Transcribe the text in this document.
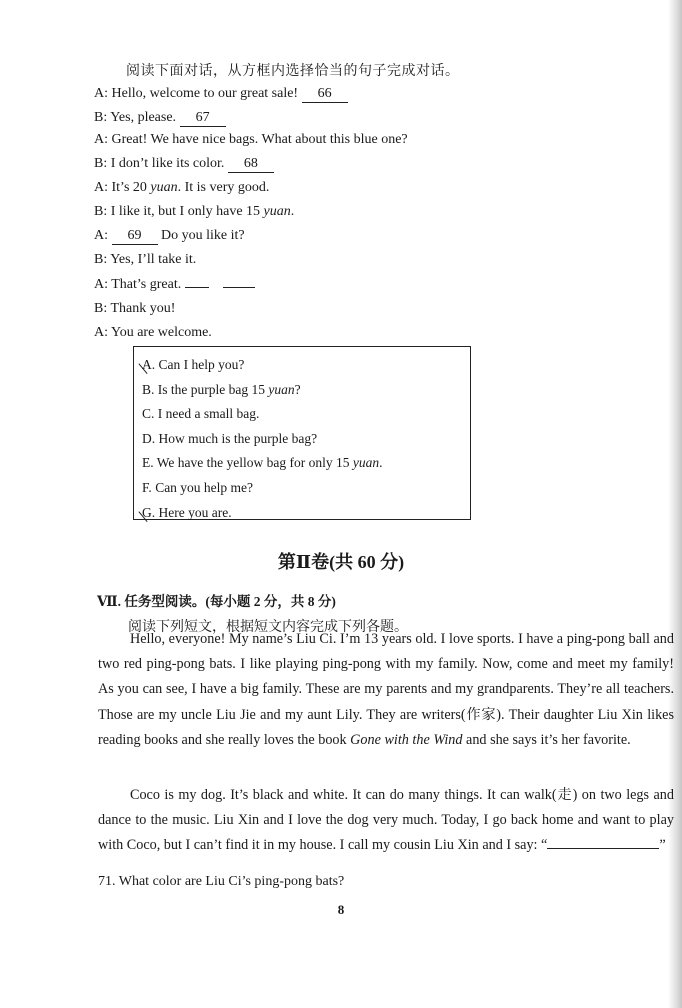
阅读下面对话，从方框内选择恰当的句子完成对话。
A: Hello, welcome to our great sale! 66
B: Yes, please. 67
A: Great! We have nice bags. What about this blue one?
B: I don’t like its color. 68
A: It’s 20 yuan. It is very good.
B: I like it, but I only have 15 yuan.
A: 69 Do you like it?
B: Yes, I’ll take it.
A: That’s great.
B: Thank you!
A: You are welcome.
A.
Can I help you?
B. Is the purple bag 15 yuan?
C. I need a small bag.
D. How much is the purple bag?
E. We have the yellow bag for only 15 yuan.
F. Can you help me?
G.
Here you are.
第Ⅱ卷(共 60 分)
Ⅶ. 任务型阅读。(每小题 2 分，共 8 分)
阅读下列短文，根据短文内容完成下列各题。
Hello, everyone! My name’s Liu Ci. I’m 13 years old. I love sports. I have a ping-pong ball and two red ping-pong bats. I like playing ping-pong with my family. Now, come and meet my family! As you can see, I have a big family. These are my parents and my grandparents. They’re all teachers. Those are my uncle Liu Jie and my aunt Lily. They are writers(作家). Their daughter Liu Xin likes reading books and she really loves the book Gone with the Wind and she says it’s her favorite.
Coco is my dog. It’s black and white. It can do many things. It can walk(走) on two legs and dance to the music. Liu Xin and I love the dog very much. Today, I go back home and want to play with Coco, but I can’t find it in my house. I call my cousin Liu Xin and I say: “	”
71. What color are Liu Ci’s ping-pong bats?
8
